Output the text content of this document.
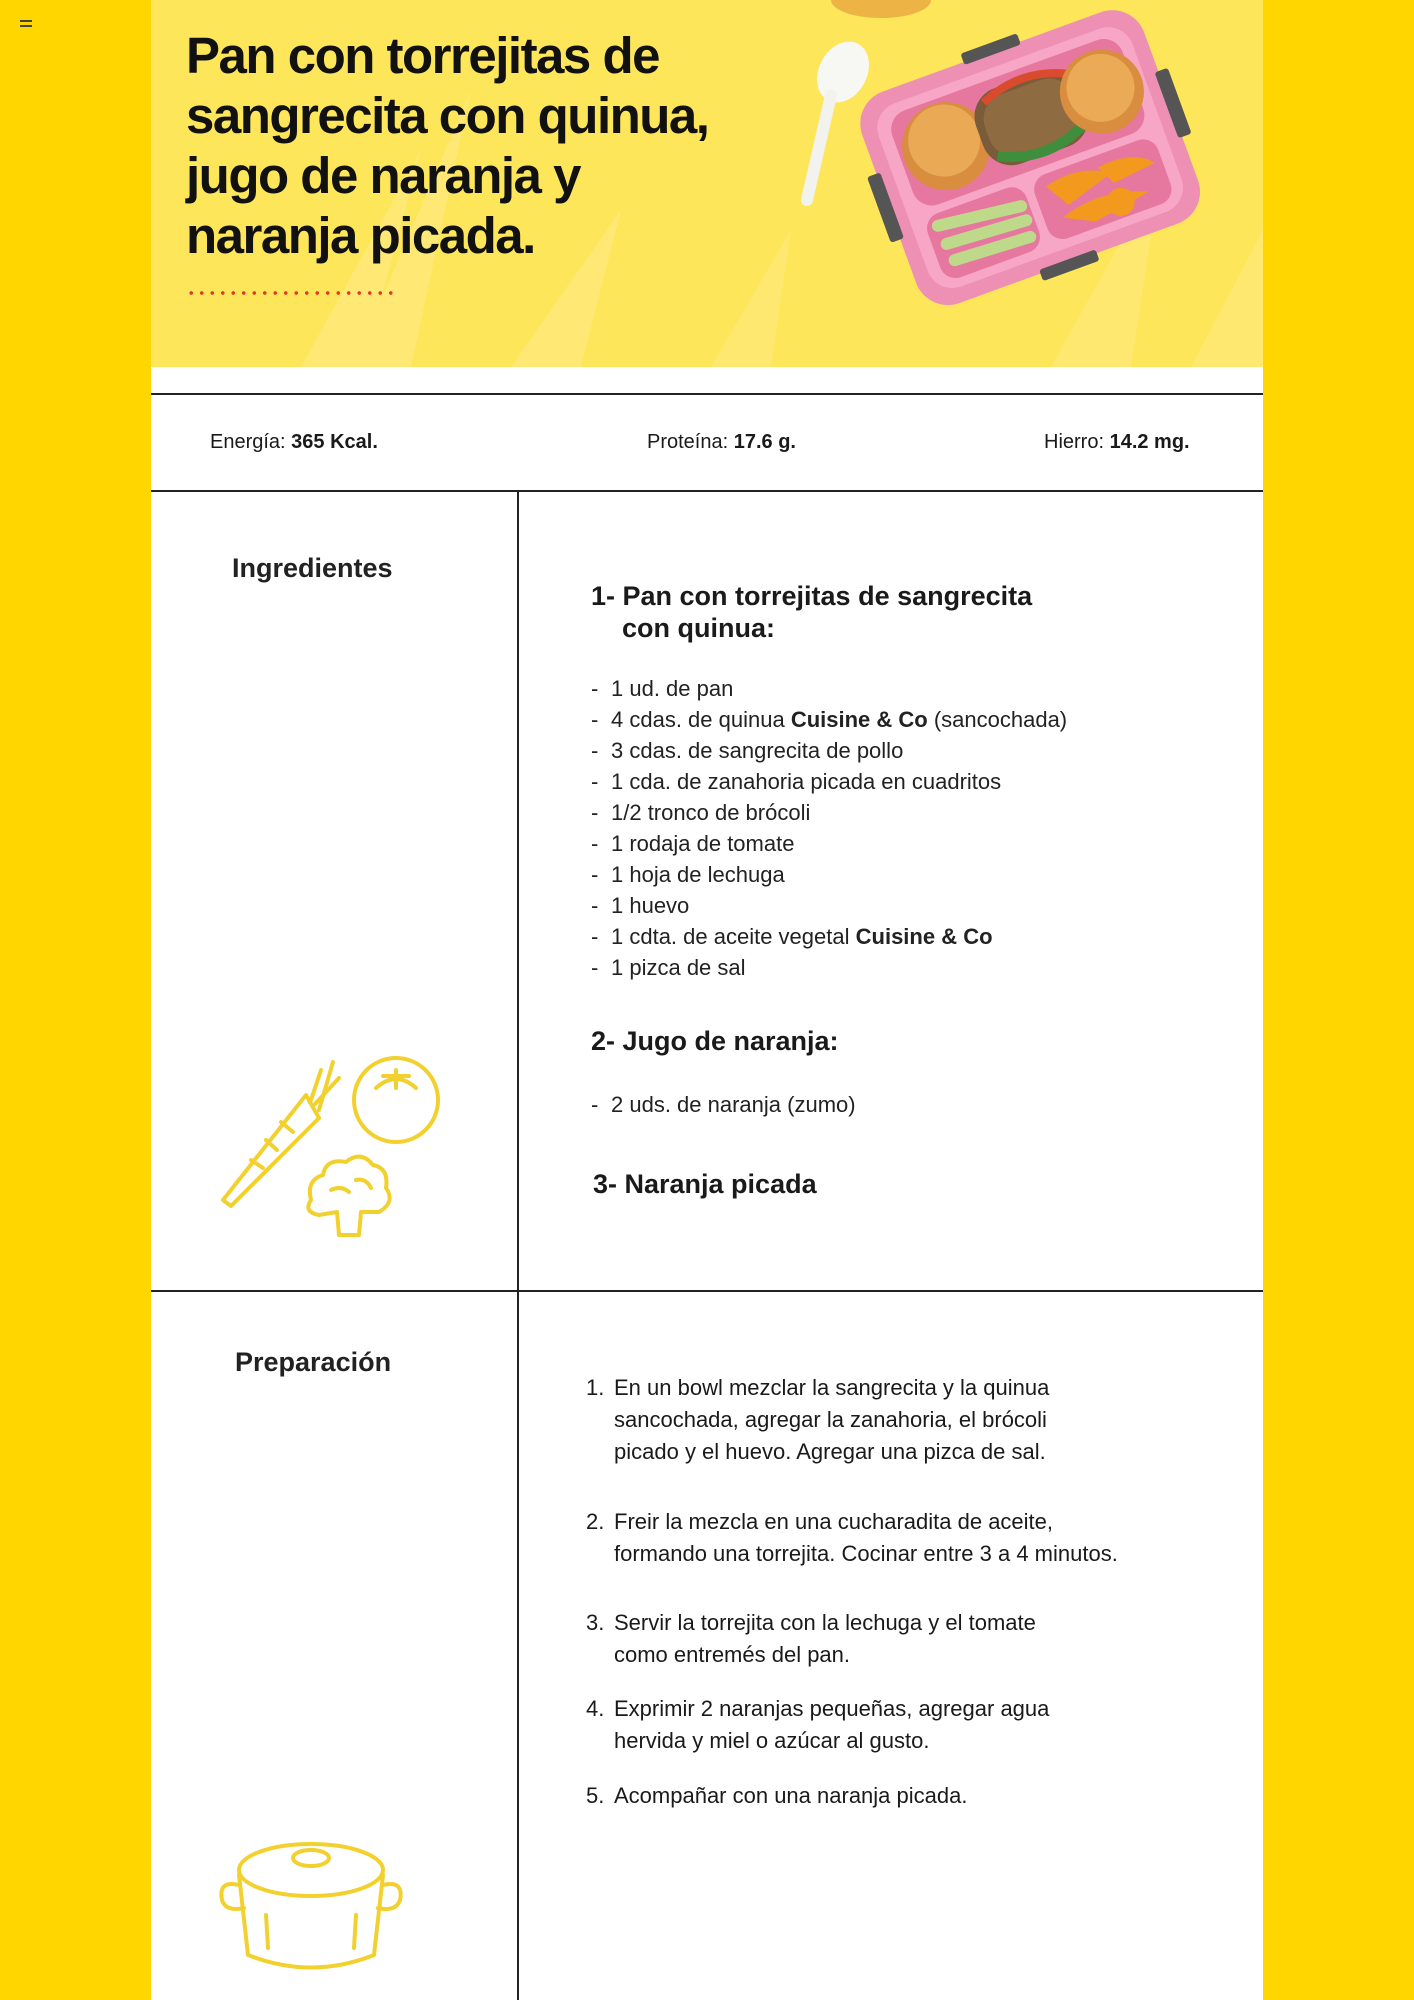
Pan con torrejitas de
sangrecita con quinua,
jugo de naranja y
naranja picada.
Energía: 365 Kcal.	Proteína: 17.6 g.	Hierro: 14.2 mg.
Ingredientes
1- Pan con torrejitas de sangrecita
con quinua:
- 1 ud. de pan
- 4 cdas. de quinua Cuisine & Co (sancochada)
- 3 cdas. de sangrecita de pollo
- 1 cda. de zanahoria picada en cuadritos
- 1/2 tronco de brócoli
- 1 rodaja de tomate
- 1 hoja de lechuga
- 1 huevo
- 1 cdta. de aceite vegetal Cuisine & Co
- 1 pizca de sal
2- Jugo de naranja:
- 2 uds. de naranja (zumo)
3- Naranja picada
Preparación
1. En un bowl mezclar la sangrecita y la quinua
sancochada, agregar la zanahoria, el brócoli
picado y el huevo. Agregar una pizca de sal.
2. Freir la mezcla en una cucharadita de aceite,
formando una torrejita. Cocinar entre 3 a 4 minutos.
3. Servir la torrejita con la lechuga y el tomate
como entremés del pan.
4. Exprimir 2 naranjas pequeñas, agregar agua
hervida y miel o azúcar al gusto.
5. Acompañar con una naranja picada.
